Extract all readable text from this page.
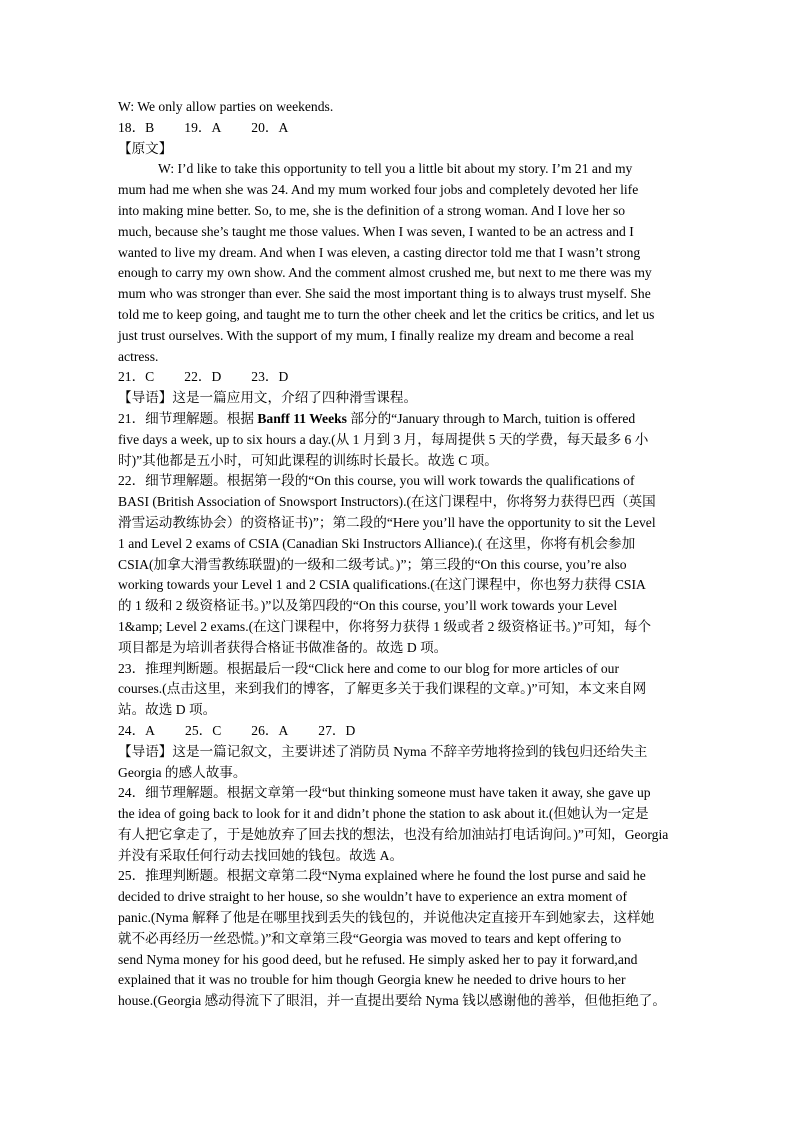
W: We only allow parties on weekends.

18．B 19．A 20．A

【原文】

W: I’d like to take this opportunity to tell you a little bit about my story. I’m 21 and my

mum had me when she was 24. And my mum worked four jobs and completely devoted her life

into making mine better. So, to me, she is the definition of a strong woman. And I love her so

much, because she’s taught me those values. When I was seven, I wanted to be an actress and I

wanted to live my dream. And when I was eleven, a casting director told me that I wasn’t strong

enough to carry my own show. And the comment almost crushed me, but next to me there was my

mum who was stronger than ever. She said the most important thing is to always trust myself. She

told me to keep going, and taught me to turn the other cheek and let the critics be critics, and let us

just trust ourselves. With the support of my mum, I finally realize my dream and become a real

actress.

21．C 22．D 23．D

【导语】这是一篇应用文，介绍了四种滑雪课程。

21．细节理解题。根据 Banff 11 Weeks 部分的“January through to March, tuition is offered

five days a week, up to six hours a day.(从 1 月到 3 月，每周提供 5 天的学费，每天最多 6 小

时)”其他都是五小时，可知此课程的训练时长最长。故选 C 项。

22．细节理解题。根据第一段的“On this course, you will work towards the qualifications of

BASI (British Association of Snowsport Instructors).(在这门课程中，你将努力获得巴西（英国

滑雪运动教练协会）的资格证书)”；第二段的“Here you’ll have the opportunity to sit the Level

1 and Level 2 exams of CSIA (Canadian Ski Instructors Alliance).( 在这里，你将有机会参加

CSIA(加拿大滑雪教练联盟)的一级和二级考试。)”；第三段的“On this course, you’re also

working towards your Level 1 and 2 CSIA qualifications.(在这门课程中，你也努力获得 CSIA

的 1 级和 2 级资格证书。)”以及第四段的“On this course, you’ll work towards your Level

1&amp; Level 2 exams.(在这门课程中，你将努力获得 1 级或者 2 级资格证书。)”可知，每个

项目都是为培训者获得合格证书做准备的。故选 D 项。

23．推理判断题。根据最后一段“Click here and come to our blog for more articles of our

courses.(点击这里，来到我们的博客，了解更多关于我们课程的文章。)”可知，本文来自网

站。故选 D 项。

24．A 25．C 26．A 27．D

【导语】这是一篇记叙文，主要讲述了消防员 Nyma 不辞辛劳地将捡到的钱包归还给失主

Georgia 的感人故事。

24．细节理解题。根据文章第一段“but thinking someone must have taken it away, she gave up

the idea of going back to look for it and didn’t phone the station to ask about it.(但她认为一定是

有人把它拿走了，于是她放弃了回去找的想法，也没有给加油站打电话询问。)”可知，Georgia

并没有采取任何行动去找回她的钱包。故选 A。

25．推理判断题。根据文章第二段“Nyma explained where he found the lost purse and said he

decided to drive straight to her house, so she wouldn’t have to experience an extra moment of

panic.(Nyma 解释了他是在哪里找到丢失的钱包的，并说他决定直接开车到她家去，这样她

就不必再经历一丝恐慌。)”和文章第三段“Georgia was moved to tears and kept offering to

send Nyma money for his good deed, but he refused. He simply asked her to pay it forward,and

explained that it was no trouble for him though Georgia knew he needed to drive hours to her

house.(Georgia 感动得流下了眼泪，并一直提出要给 Nyma 钱以感谢他的善举，但他拒绝了。
